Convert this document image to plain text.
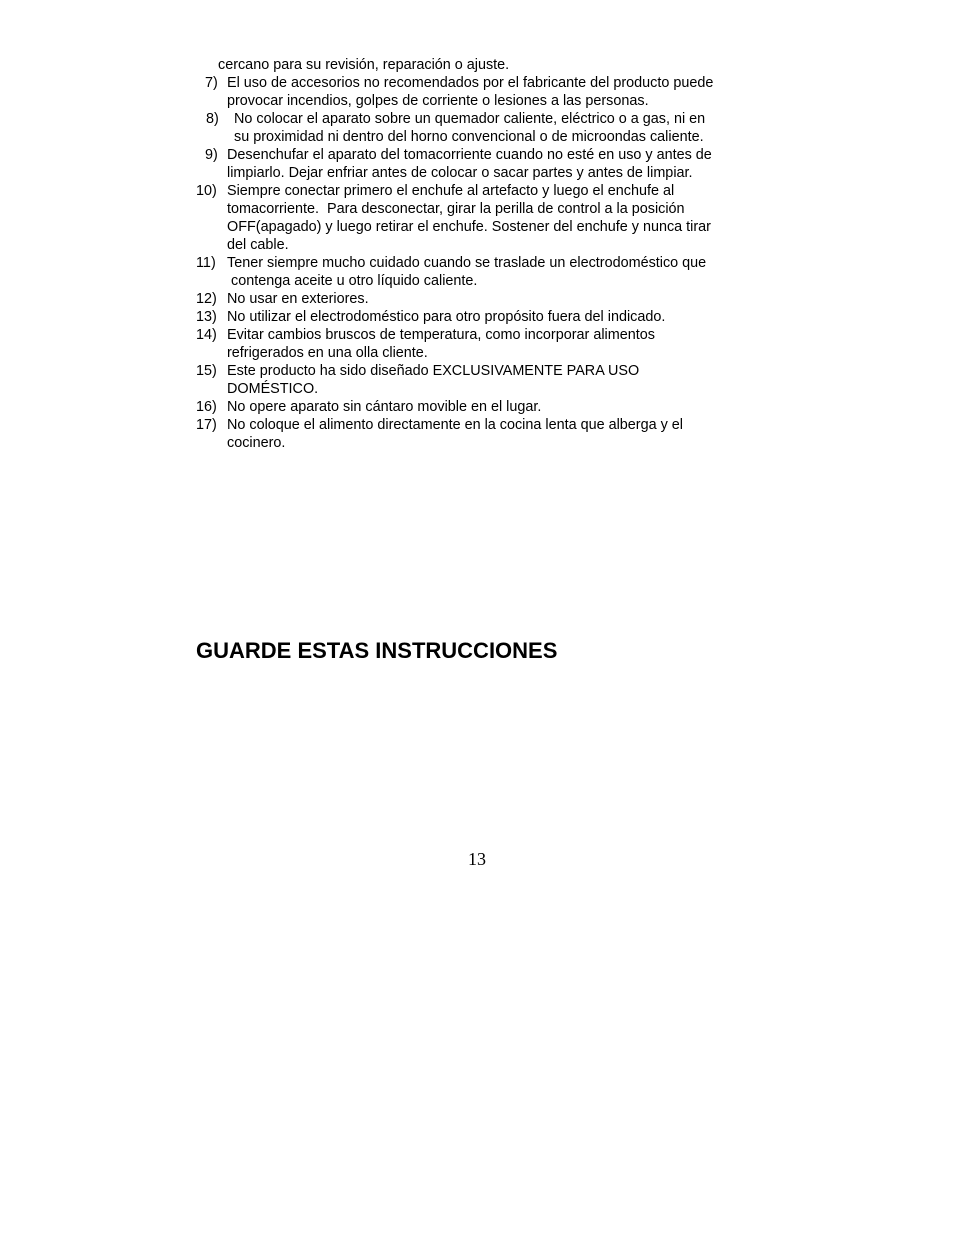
cercano para su revisión, reparación o ajuste.
7) El uso de accesorios no recomendados por el fabricante del producto puede
provocar incendios, golpes de corriente o lesiones a las personas.
8)	No colocar el aparato sobre un quemador caliente, eléctrico o a gas, ni en
su proximidad ni dentro del horno convencional o de microondas caliente.
9) Desenchufar el aparato del tomacorriente cuando no esté en uso y antes de
limpiarlo. Dejar enfriar antes de colocar o sacar partes y antes de limpiar.
10) Siempre conectar primero el enchufe al artefacto y luego el enchufe al
tomacorriente.  Para desconectar, girar la perilla de control a la posición
OFF(apagado) y luego retirar el enchufe. Sostener del enchufe y nunca tirar
del cable.
11) Tener siempre mucho cuidado cuando se traslade un electrodoméstico que
contenga aceite u otro líquido caliente.
12) No usar en exteriores.
13) No utilizar el electrodoméstico para otro propósito fuera del indicado.
14) Evitar cambios bruscos de temperatura, como incorporar alimentos
refrigerados en una olla cliente.
15) Este producto ha sido diseñado EXCLUSIVAMENTE PARA USO
DOMÉSTICO.
16) No opere aparato sin cántaro movible en el lugar.
17) No coloque el alimento directamente en la cocina lenta que alberga y el
cocinero.
GUARDE ESTAS INSTRUCCIONES
13
